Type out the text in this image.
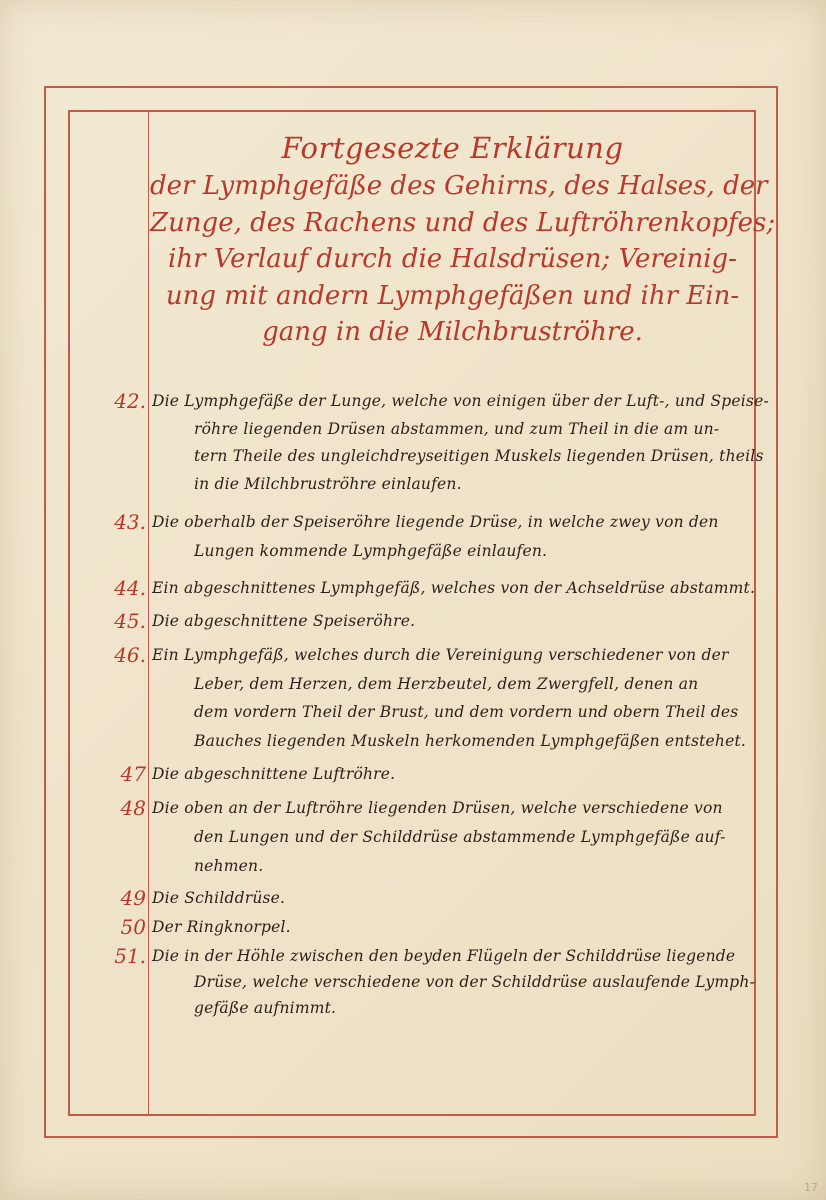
Fortgesezte Erklärung
der Lymphgefäße des Gehirns, des Halses, der
Zunge, des Rachens und des Luftröhrenkopfes;
ihr Verlauf durch die Halsdrüsen; Vereinig-
ung mit andern Lymphgefäßen und ihr Ein-
gang in die Milchbruströhre.
42. Die Lymphgefäße der Lunge, welche von einigen über der Luft-, und Speise-
röhre liegenden Drüsen abstammen, und zum Theil in die am un-
tern Theile des ungleichdreyseitigen Muskels liegenden Drüsen, theils
in die Milchbruströhre einlaufen.
43. Die oberhalb der Speiseröhre liegende Drüse, in welche zwey von den
Lungen kommende Lymphgefäße einlaufen.
44. Ein abgeschnittenes Lymphgefäß, welches von der Achseldrüse abstammt.
45. Die abgeschnittene Speiseröhre.
46. Ein Lymphgefäß, welches durch die Vereinigung verschiedener von der
Leber, dem Herzen, dem Herzbeutel, dem Zwergfell, denen an
dem vordern Theil der Brust, und dem vordern und obern Theil des
Bauches liegenden Muskeln herkomenden Lymphgefäßen entstehet.
47 Die abgeschnittene Luftröhre.
48 Die oben an der Luftröhre liegenden Drüsen, welche verschiedene von
den Lungen und der Schilddrüse abstammende Lymphgefäße auf-
nehmen.
49 Die Schilddrüse.
50 Der Ringknorpel.
51. Die in der Höhle zwischen den beyden Flügeln der Schilddrüse liegende
Drüse, welche verschiedene von der Schilddrüse auslaufende Lymph-
gefäße aufnimmt.
17
